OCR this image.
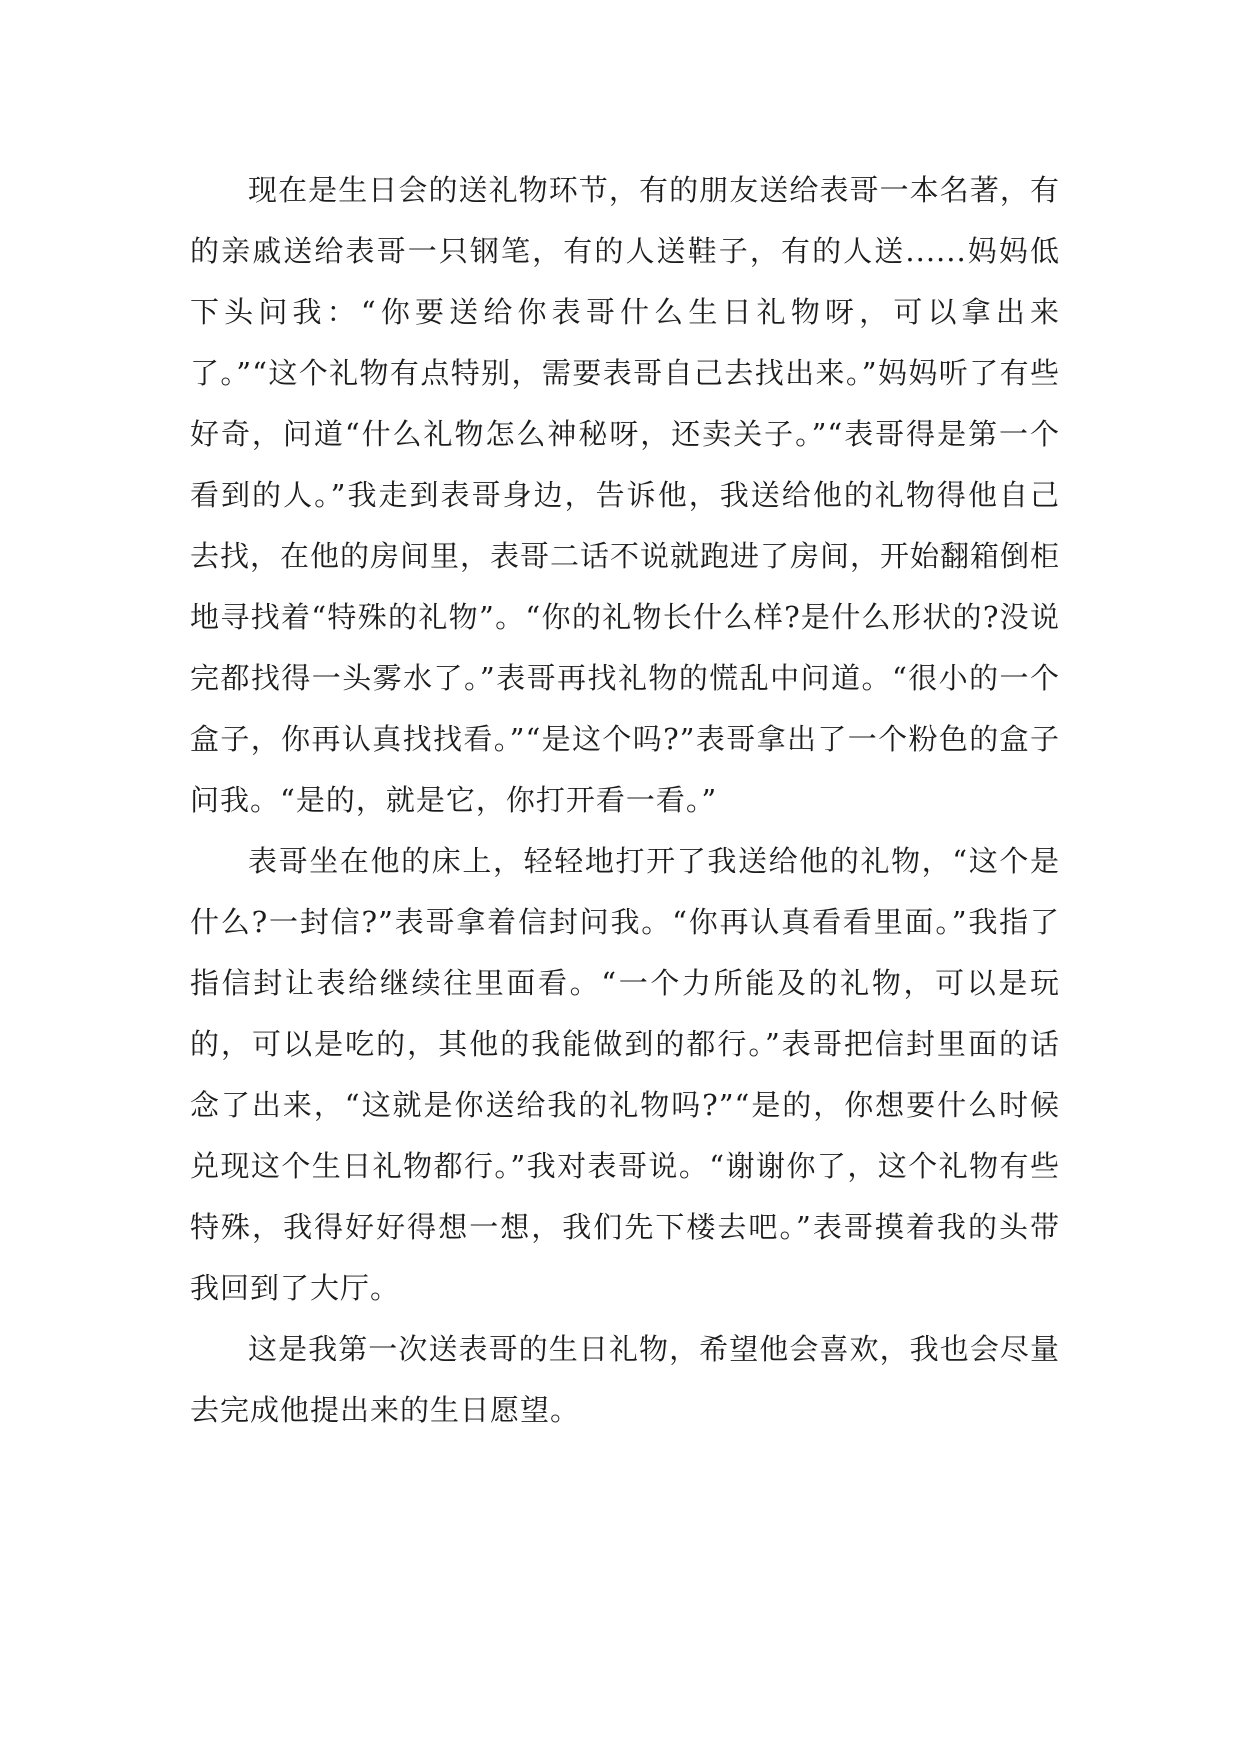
现在是生日会的送礼物环节，有的朋友送给表哥一本名著，有的亲戚送给表哥一只钢笔，有的人送鞋子，有的人送......妈妈低下头问我：“你要送给你表哥什么生日礼物呀，可以拿出来了。”“这个礼物有点特别，需要表哥自己去找出来。”妈妈听了有些好奇，问道“什么礼物怎么神秘呀，还卖关子。”“表哥得是第一个看到的人。”我走到表哥身边，告诉他，我送给他的礼物得他自己去找，在他的房间里，表哥二话不说就跑进了房间，开始翻箱倒柜地寻找着“特殊的礼物”。“你的礼物长什么样?是什么形状的?没说完都找得一头雾水了。”表哥再找礼物的慌乱中问道。“很小的一个盒子，你再认真找找看。”“是这个吗?”表哥拿出了一个粉色的盒子问我。“是的，就是它，你打开看一看。”

表哥坐在他的床上，轻轻地打开了我送给他的礼物，“这个是什么?一封信?”表哥拿着信封问我。“你再认真看看里面。”我指了指信封让表给继续往里面看。“一个力所能及的礼物，可以是玩的，可以是吃的，其他的我能做到的都行。”表哥把信封里面的话念了出来，“这就是你送给我的礼物吗?”“是的，你想要什么时候兑现这个生日礼物都行。”我对表哥说。“谢谢你了，这个礼物有些特殊，我得好好得想一想，我们先下楼去吧。”表哥摸着我的头带我回到了大厅。

这是我第一次送表哥的生日礼物，希望他会喜欢，我也会尽量去完成他提出来的生日愿望。
